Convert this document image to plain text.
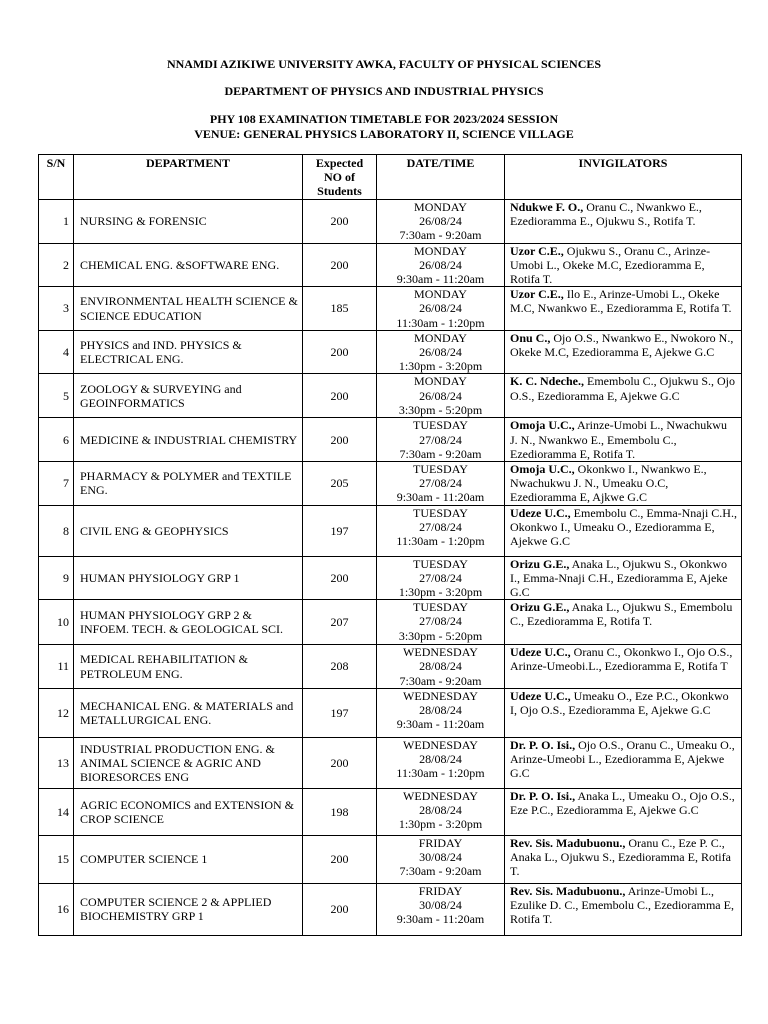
NNAMDI AZIKIWE UNIVERSITY AWKA, FACULTY OF PHYSICAL SCIENCES
DEPARTMENT OF PHYSICS AND INDUSTRIAL PHYSICS
PHY 108 EXAMINATION TIMETABLE FOR 2023/2024 SESSION
VENUE: GENERAL PHYSICS LABORATORY II, SCIENCE VILLAGE
S/N	DEPARTMENT	Expected
NO of
Students	DATE/TIME	INVIGILATORS
1	NURSING & FORENSIC	200	MONDAY
26/08/24
7:30am - 9:20am	Ndukwe F. O., Oranu C., Nwankwo E., Ezedioramma E., Ojukwu S., Rotifa T.
2	CHEMICAL ENG. &SOFTWARE ENG.	200	MONDAY
26/08/24
9:30am - 11:20am	Uzor C.E., Ojukwu S., Oranu C., Arinze-Umobi L., Okeke M.C, Ezedioramma E, Rotifa T.
3	ENVIRONMENTAL HEALTH SCIENCE & SCIENCE EDUCATION	185	MONDAY
26/08/24
11:30am - 1:20pm	Uzor C.E., Ilo E., Arinze-Umobi L., Okeke M.C, Nwankwo E., Ezedioramma E, Rotifa T.
4	PHYSICS and IND. PHYSICS & ELECTRICAL ENG.	200	MONDAY
26/08/24
1:30pm - 3:20pm	Onu C., Ojo O.S., Nwankwo E., Nwokoro N., Okeke M.C, Ezedioramma E, Ajekwe G.C
5	ZOOLOGY & SURVEYING and GEOINFORMATICS	200	MONDAY
26/08/24
3:30pm - 5:20pm	K. C. Ndeche., Emembolu C., Ojukwu S., Ojo O.S., Ezedioramma E, Ajekwe G.C
6	MEDICINE & INDUSTRIAL CHEMISTRY	200	TUESDAY
27/08/24
7:30am - 9:20am	Omoja U.C., Arinze-Umobi L., Nwachukwu J. N., Nwankwo E., Emembolu C., Ezedioramma E, Rotifa T.
7	PHARMACY & POLYMER and TEXTILE ENG.	205	TUESDAY
27/08/24
9:30am - 11:20am	Omoja U.C., Okonkwo I., Nwankwo E., Nwachukwu J. N., Umeaku O.C, Ezedioramma E, Ajkwe G.C
8	CIVIL ENG & GEOPHYSICS	197	TUESDAY
27/08/24
11:30am - 1:20pm	Udeze U.C., Emembolu C., Emma-Nnaji C.H., Okonkwo I., Umeaku O., Ezedioramma E, Ajekwe G.C
9	HUMAN PHYSIOLOGY GRP 1	200	TUESDAY
27/08/24
1:30pm - 3:20pm	Orizu G.E., Anaka L., Ojukwu S., Okonkwo I., Emma-Nnaji C.H., Ezedioramma E, Ajeke G.C
10	HUMAN PHYSIOLOGY GRP 2 & INFOEM. TECH. & GEOLOGICAL SCI.	207	TUESDAY
27/08/24
3:30pm - 5:20pm	Orizu G.E., Anaka L., Ojukwu S., Emembolu C., Ezedioramma E, Rotifa T.
11	MEDICAL REHABILITATION & PETROLEUM ENG.	208	WEDNESDAY
28/08/24
7:30am - 9:20am	Udeze U.C., Oranu C., Okonkwo I., Ojo O.S., Arinze-Umeobi.L., Ezedioramma E, Rotifa T
12	MECHANICAL ENG. & MATERIALS and METALLURGICAL ENG.	197	WEDNESDAY
28/08/24
9:30am - 11:20am	Udeze U.C., Umeaku O., Eze P.C., Okonkwo I, Ojo O.S., Ezedioramma E, Ajekwe G.C
13	INDUSTRIAL PRODUCTION ENG. & ANIMAL SCIENCE & AGRIC AND BIORESORCES ENG	200	WEDNESDAY
28/08/24
11:30am - 1:20pm	Dr. P. O. Isi., Ojo O.S., Oranu C., Umeaku O., Arinze-Umeobi L., Ezedioramma E, Ajekwe G.C
14	AGRIC ECONOMICS and EXTENSION & CROP SCIENCE	198	WEDNESDAY
28/08/24
1:30pm - 3:20pm	Dr. P. O. Isi., Anaka L., Umeaku O., Ojo O.S., Eze P.C., Ezedioramma E, Ajekwe G.C
15	COMPUTER SCIENCE 1	200	FRIDAY
30/08/24
7:30am - 9:20am	Rev. Sis. Madubuonu., Oranu C., Eze P. C., Anaka L., Ojukwu S., Ezedioramma E, Rotifa T.
16	COMPUTER SCIENCE 2 & APPLIED BIOCHEMISTRY GRP 1	200	FRIDAY
30/08/24
9:30am - 11:20am	Rev. Sis. Madubuonu., Arinze-Umobi L., Ezulike D. C., Emembolu C., Ezedioramma E, Rotifa T.
